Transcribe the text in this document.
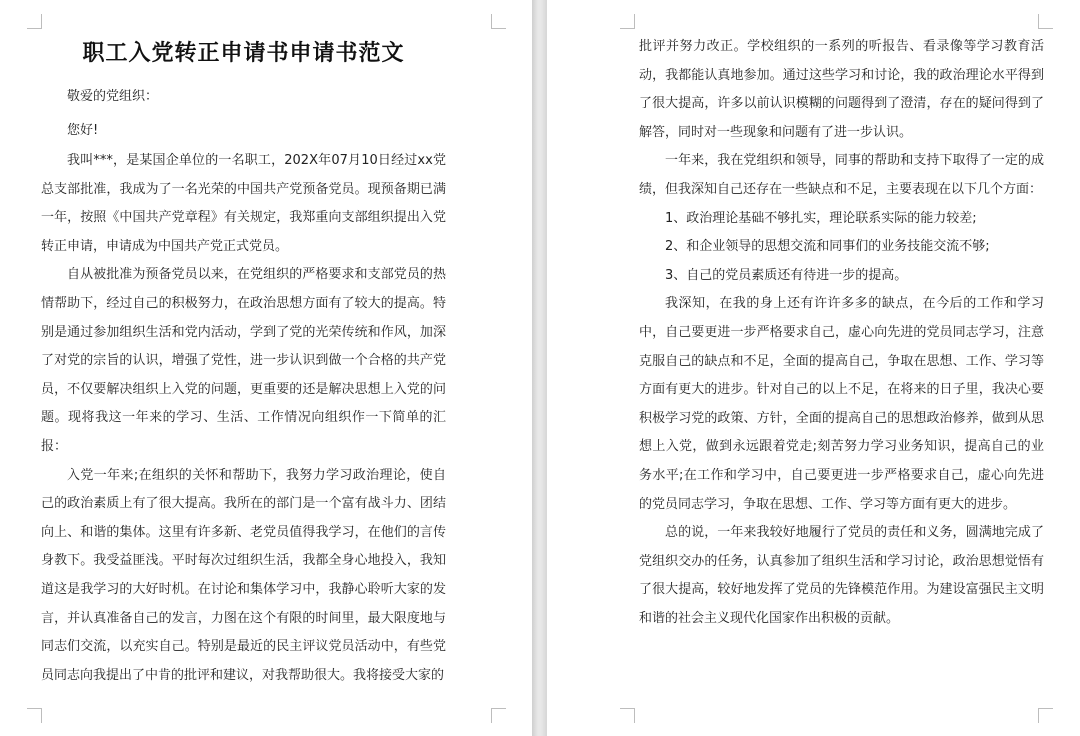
职工入党转正申请书申请书范文

敬爱的党组织：

您好!

我叫***，是某国企单位的一名职工，202X年07月10日经过xx党总支部批准，我成为了一名光荣的中国共产党预备党员。现预备期已满一年，按照《中国共产党章程》有关规定，我郑重向支部组织提出入党转正申请，申请成为中国共产党正式党员。

自从被批准为预备党员以来，在党组织的严格要求和支部党员的热情帮助下，经过自己的积极努力，在政治思想方面有了较大的提高。特别是通过参加组织生活和党内活动，学到了党的光荣传统和作风，加深了对党的宗旨的认识，增强了党性，进一步认识到做一个合格的共产党员，不仅要解决组织上入党的问题，更重要的还是解决思想上入党的问题。现将我这一年来的学习、生活、工作情况向组织作一下简单的汇报：

入党一年来;在组织的关怀和帮助下，我努力学习政治理论，使自己的政治素质上有了很大提高。我所在的部门是一个富有战斗力、团结向上、和谐的集体。这里有许多新、老党员值得我学习，在他们的言传身教下。我受益匪浅。平时每次过组织生活，我都全身心地投入，我知道这是我学习的大好时机。在讨论和集体学习中，我静心聆听大家的发言，并认真准备自己的发言，力图在这个有限的时间里，最大限度地与同志们交流，以充实自己。特别是最近的民主评议党员活动中，有些党员同志向我提出了中肯的批评和建议，对我帮助很大。我将接受大家的

批评并努力改正。学校组织的一系列的听报告、看录像等学习教育活动，我都能认真地参加。通过这些学习和讨论，我的政治理论水平得到了很大提高，许多以前认识模糊的问题得到了澄清，存在的疑问得到了解答，同时对一些现象和问题有了进一步认识。

一年来，我在党组织和领导，同事的帮助和支持下取得了一定的成绩，但我深知自己还存在一些缺点和不足，主要表现在以下几个方面：

1、政治理论基础不够扎实，理论联系实际的能力较差;

2、和企业领导的思想交流和同事们的业务技能交流不够;

3、自己的党员素质还有待进一步的提高。

我深知，在我的身上还有许许多多的缺点，在今后的工作和学习中，自己要更进一步严格要求自己，虚心向先进的党员同志学习，注意克服自己的缺点和不足，全面的提高自己，争取在思想、工作、学习等方面有更大的进步。针对自己的以上不足，在将来的日子里，我决心要积极学习党的政策、方针，全面的提高自己的思想政治修养，做到从思想上入党，做到永远跟着党走;刻苦努力学习业务知识，提高自己的业务水平;在工作和学习中，自己要更进一步严格要求自己，虚心向先进的党员同志学习，争取在思想、工作、学习等方面有更大的进步。

总的说，一年来我较好地履行了党员的责任和义务，圆满地完成了党组织交办的任务，认真参加了组织生活和学习讨论，政治思想觉悟有了很大提高，较好地发挥了党员的先锋模范作用。为建设富强民主文明和谐的社会主义现代化国家作出积极的贡献。
